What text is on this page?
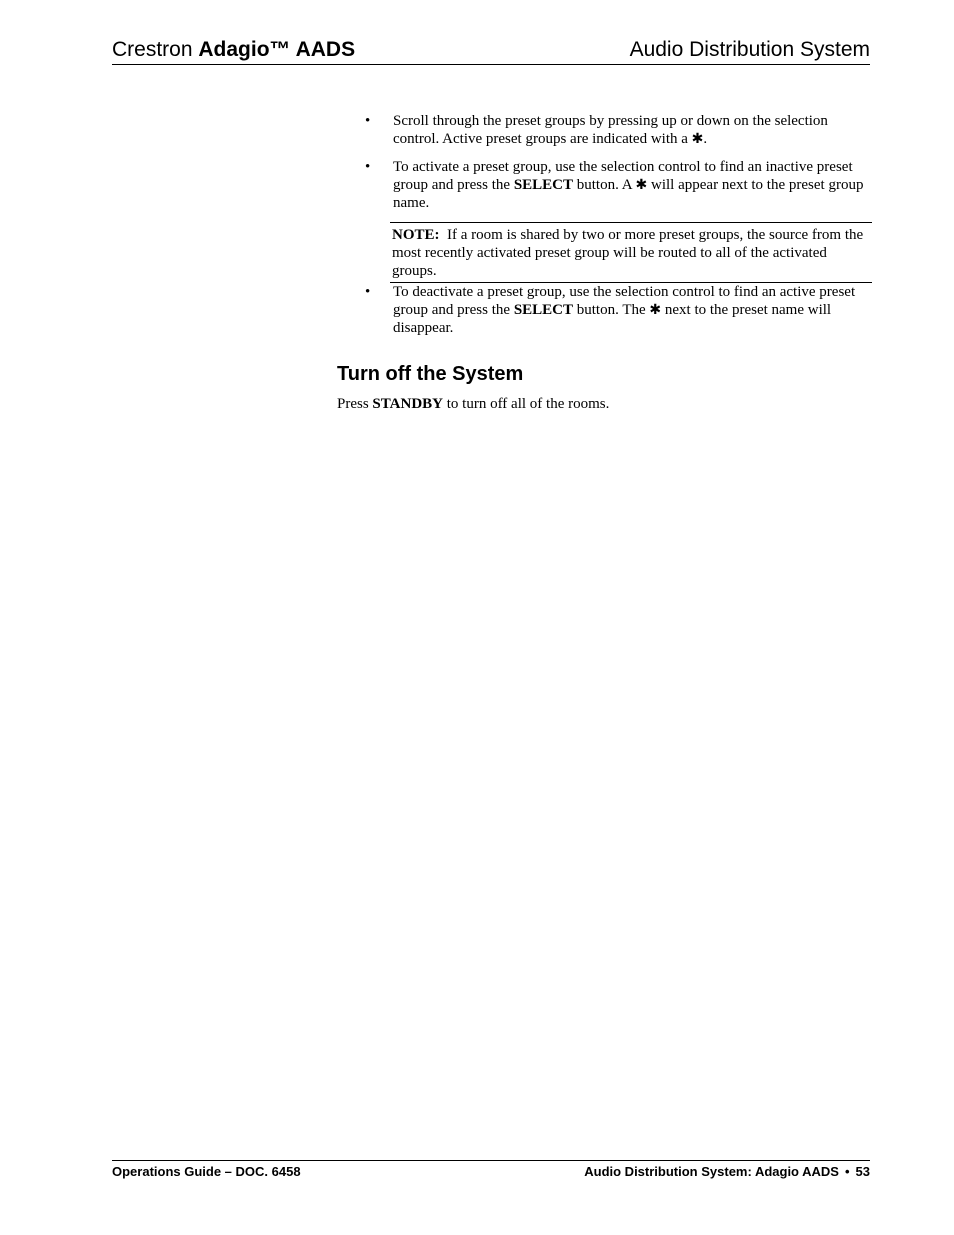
Crestron Adagio™ AADS	Audio Distribution System
• Scroll through the preset groups by pressing up or down on the selection control. Active preset groups are indicated with a ✱.
• To activate a preset group, use the selection control to find an inactive preset group and press the SELECT button. A ✱ will appear next to the preset group name.
NOTE: If a room is shared by two or more preset groups, the source from the most recently activated preset group will be routed to all of the activated groups.
• To deactivate a preset group, use the selection control to find an active preset group and press the SELECT button. The ✱ next to the preset name will disappear.
Turn off the System

Press STANDBY to turn off all of the rooms.

Operations Guide – DOC. 6458	Audio Distribution System: Adagio AADS • 53
